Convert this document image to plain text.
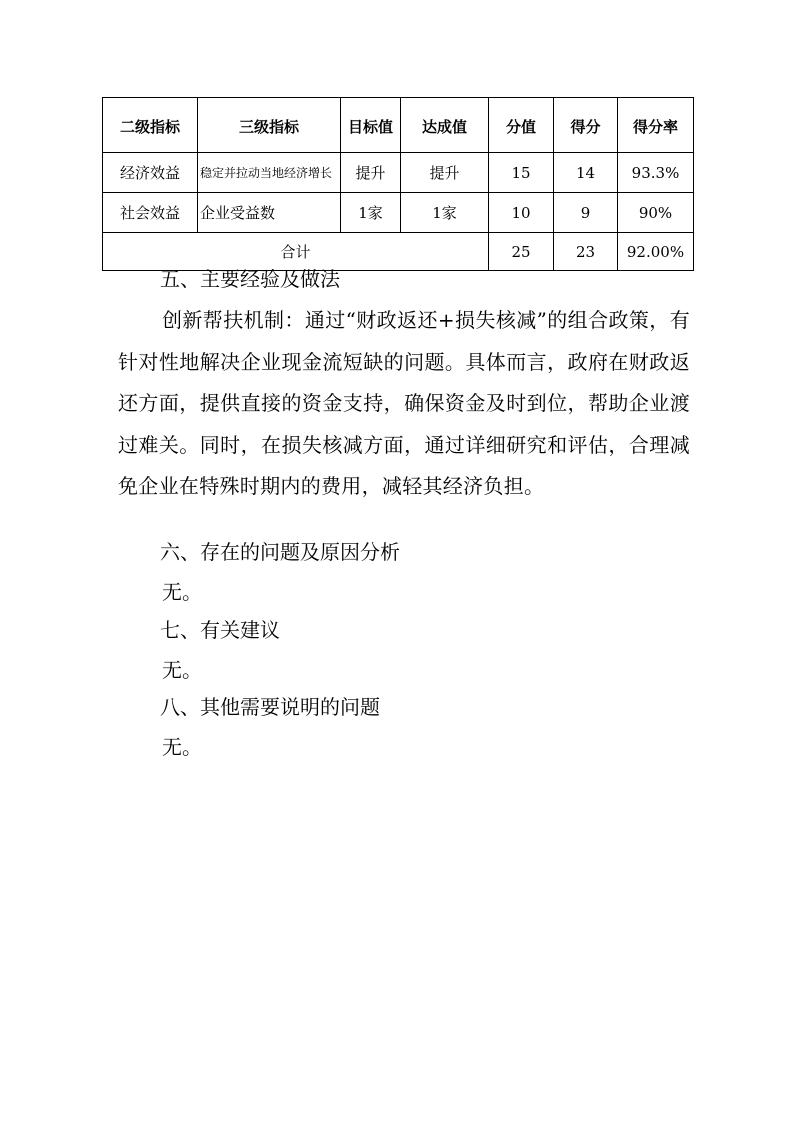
二级指标	三级指标	目标值	达成值	分值	得分	得分率
经济效益	稳定并拉动当地经济增长	提升	提升	15	14	93.3%
社会效益	企业受益数	1家	1家	10	9	90%
合计				25	23	92.00%
五、主要经验及做法

创新帮扶机制：通过“财政返还+损失核减”的组合政策，有针对性地解决企业现金流短缺的问题。具体而言，政府在财政返还方面，提供直接的资金支持，确保资金及时到位，帮助企业渡过难关。同时，在损失核减方面，通过详细研究和评估，合理减免企业在特殊时期内的费用，减轻其经济负担。

六、存在的问题及原因分析

无。

七、有关建议

无。

八、其他需要说明的问题

无。
